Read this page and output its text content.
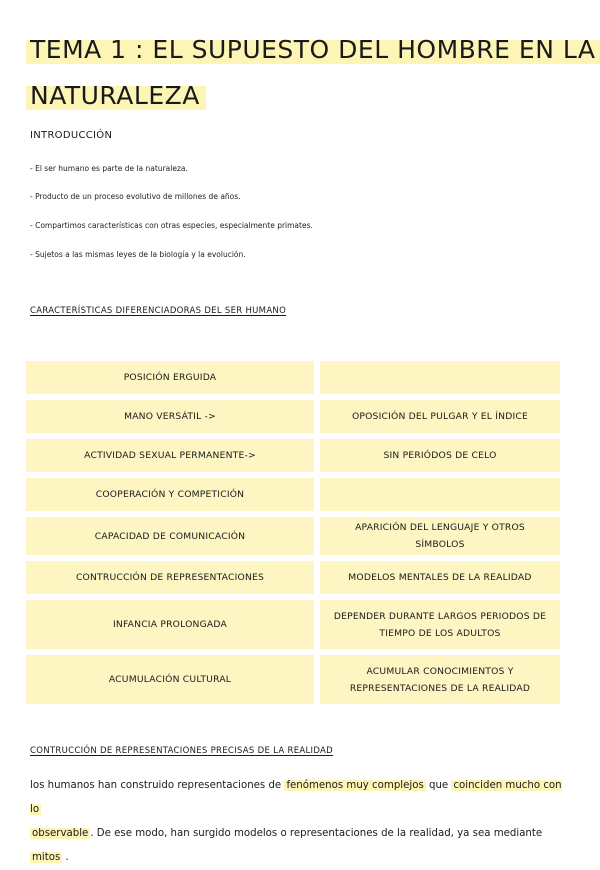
TEMA 1 : EL SUPUESTO DEL HOMBRE EN LA
NATURALEZA
INTRODUCCIÓN
- El ser humano es parte de la naturaleza.
- Producto de un proceso evolutivo de millones de años.
- Compartimos características con otras especies, especialmente primates.
- Sujetos a las mismas leyes de la biología y la evolución.
CARACTERÍSTICAS DIFERENCIADORAS DEL SER HUMANO
POSICIÓN ERGUIDA	
MANO VERSÁTIL ->	OPOSICIÓN DEL PULGAR Y EL ÍNDICE
ACTIVIDAD SEXUAL PERMANENTE->	SIN PERIÓDOS DE CELO
COOPERACIÓN Y COMPETICIÓN	
CAPACIDAD DE COMUNICACIÓN	APARICIÓN DEL LENGUAJE Y OTROS SÍMBOLOS
CONTRUCCIÓN DE REPRESENTACIONES	MODELOS MENTALES DE LA REALIDAD
INFANCIA PROLONGADA	DEPENDER DURANTE LARGOS PERIODOS DE TIEMPO DE LOS ADULTOS
ACUMULACIÓN CULTURAL	ACUMULAR CONOCIMIENTOS Y REPRESENTACIONES DE LA REALIDAD
CONTRUCCIÓN DE REPRESENTACIONES PRECISAS DE LA REALIDAD
los humanos han construido representaciones de fenómenos muy complejos que coinciden mucho con lo
observable . De ese modo, han surgido modelos o representaciones de la realidad, ya sea mediante mitos .
